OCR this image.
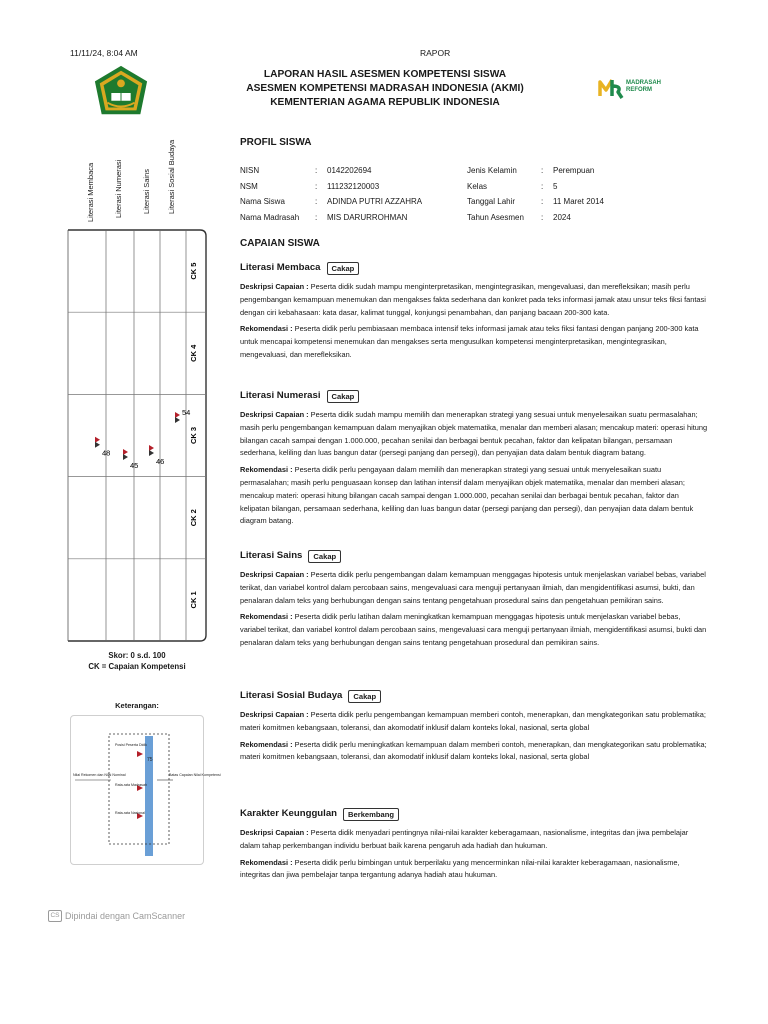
11/11/24, 8:04 AM	RAPOR
LAPORAN HASIL ASESMEN KOMPETENSI SISWA
ASESMEN KOMPETENSI MADRASAH INDONESIA (AKMI)
KEMENTERIAN AGAMA REPUBLIK INDONESIA
MADRASAH
REFORM
PROFIL SISWA
NISN	:	0142202694	Jenis Kelamin	:	Perempuan
NSM	:	111232120003	Kelas	:	5
Nama Siswa	:	ADINDA PUTRI AZZAHRA	Tanggal Lahir	:	11 Maret 2014
Nama Madrasah	:	MIS DARURROHMAN	Tahun Asesmen	:	2024
Literasi Membaca	Literasi Numerasi	Literasi Sains Literasi Sosial Budaya
CK 5
CK 4
CK 3
CK 2
CK 1
48
45 46
54
Skor: 0 s.d. 100
CK = Capaian Kompetensi
Keterangan:
Posisi Peserta Didik
Rata-rata Madrasah
Rata-rata Nasional
Nilai Rekomen dan Nilai Nominal	Batas Capaian Nilai Kompetensi
75
CAPAIAN SISWA
Literasi Membaca	Cakap

Deskripsi Capaian : Peserta didik sudah mampu menginterpretasikan, mengintegrasikan, mengevaluasi, dan merefleksikan; masih perlu pengembangan kemampuan menemukan dan mengakses fakta sederhana dan konkret pada teks informasi jamak atau unsur teks fiksi fantasi dengan ciri kebahasaan: kata dasar, kalimat tunggal, konjungsi penambahan, dan panjang bacaan 200-300 kata.

Rekomendasi : Peserta didik perlu pembiasaan membaca intensif teks informasi jamak atau teks fiksi fantasi dengan panjang 200-300 kata untuk mencapai kompetensi menemukan dan mengakses serta mengusulkan kompetensi menginterpretasikan, mengintegrasikan, mengevaluasi, dan merefleksikan.

Literasi Numerasi	Cakap

Deskripsi Capaian : Peserta didik sudah mampu memilih dan menerapkan strategi yang sesuai untuk menyelesaikan suatu permasalahan; masih perlu pengembangan kemampuan dalam menyajikan objek matematika, menalar dan memberi alasan; mencakup materi: operasi hitung bilangan cacah sampai dengan 1.000.000, pecahan senilai dan berbagai bentuk pecahan, faktor dan kelipatan bilangan, persamaan sederhana, keliling dan luas bangun datar (persegi panjang dan persegi), dan penyajian data dalam bentuk diagram batang.

Rekomendasi : Peserta didik perlu pengayaan dalam memilih dan menerapkan strategi yang sesuai untuk menyelesaikan suatu permasalahan; masih perlu penguasaan konsep dan latihan intensif dalam menyajikan objek matematika, menalar dan memberi alasan; mencakup materi: operasi hitung bilangan cacah sampai dengan 1.000.000, pecahan senilai dan berbagai bentuk pecahan, faktor dan kelipatan bilangan, persamaan sederhana, keliling dan luas bangun datar (persegi panjang dan persegi), dan penyajian data dalam bentuk diagram batang.

Literasi Sains	Cakap

Deskripsi Capaian : Peserta didik perlu pengembangan dalam kemampuan menggagas hipotesis untuk menjelaskan variabel bebas, variabel terikat, dan variabel kontrol dalam percobaan sains, mengevaluasi cara menguji pertanyaan ilmiah, dan mengidentifikasi asumsi, bukti, dan penalaran dalam teks yang berhubungan dengan sains tentang pengetahuan prosedural sains dan pengetahuan pemikiran sains.

Rekomendasi : Peserta didik perlu latihan dalam meningkatkan kemampuan menggagas hipotesis untuk menjelaskan variabel bebas, variabel terikat, dan variabel kontrol dalam percobaan sains, mengevaluasi cara menguji pertanyaan ilmiah, mengidentifikasi asumsi, bukti dan penalaran dalam teks yang berhubungan dengan sains tentang pengetahuan prosedural dan pemikiran sains.

Literasi Sosial Budaya	Cakap

Deskripsi Capaian : Peserta didik perlu pengembangan kemampuan memberi contoh, menerapkan, dan mengkategorikan satu problematika; materi komitmen kebangsaan, toleransi, dan akomodatif inklusif dalam konteks lokal, nasional, serta global

Rekomendasi : Peserta didik perlu meningkatkan kemampuan dalam memberi contoh, menerapkan, dan mengkategorikan satu problematika; materi komitmen kebangsaan, toleransi, dan akomodatif inklusif dalam konteks lokal, nasional, serta global

Karakter Keunggulan	Berkembang

Deskripsi Capaian : Peserta didik menyadari pentingnya nilai-nilai karakter keberagamaan, nasionalisme, integritas dan jiwa pembelajar dalam tahap perkembangan individu berbuat baik karena pengaruh ada hadiah dan hukuman.

Rekomendasi : Peserta didik perlu bimbingan untuk berperilaku yang mencerminkan nilai-nilai karakter keberagamaan, nasionalisme, integritas dan jiwa pembelajar tanpa tergantung adanya hadiah atau hukuman.

CS Dipindai dengan CamScanner
